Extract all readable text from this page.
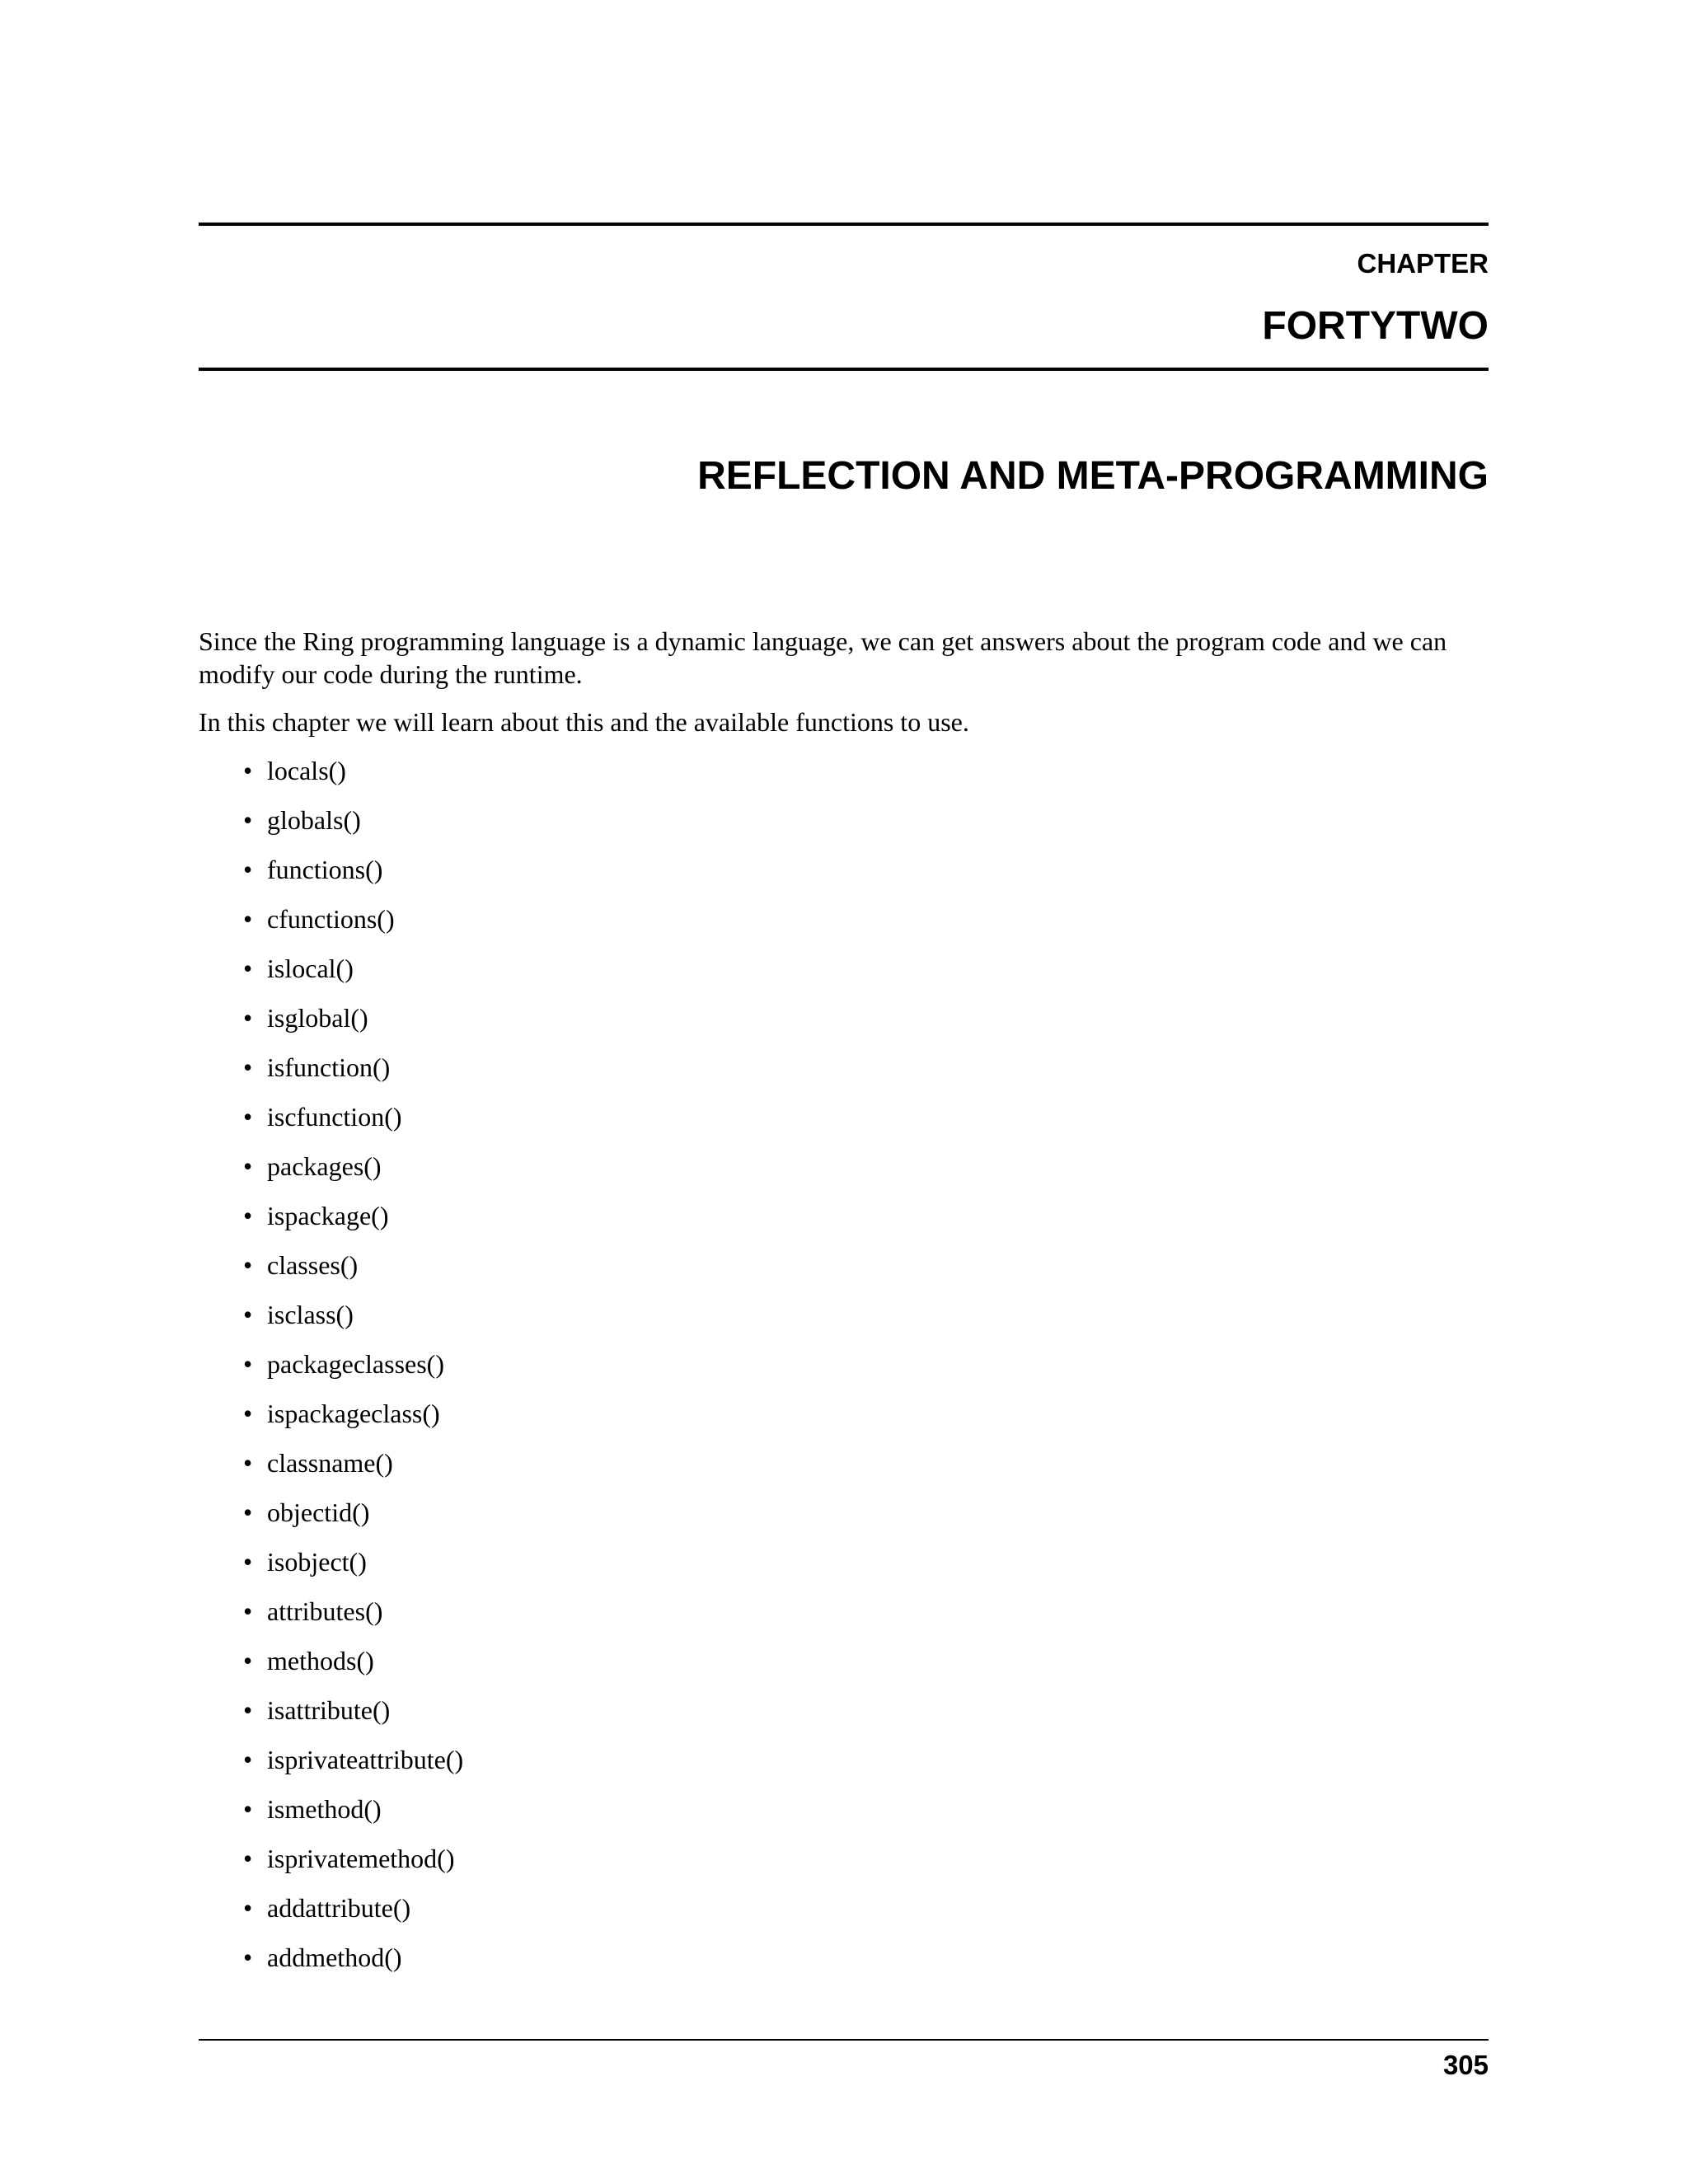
CHAPTER

FORTYTWO

REFLECTION AND META-PROGRAMMING

Since the Ring programming language is a dynamic language, we can get answers about the program code and we can modify our code during the runtime.

In this chapter we will learn about this and the available functions to use.

• locals()
• globals()
• functions()
• cfunctions()
• islocal()
• isglobal()
• isfunction()
• iscfunction()
• packages()
• ispackage()
• classes()
• isclass()
• packageclasses()
• ispackageclass()
• classname()
• objectid()
• isobject()
• attributes()
• methods()
• isattribute()
• isprivateattribute()
• ismethod()
• isprivatemethod()
• addattribute()
• addmethod()

305
